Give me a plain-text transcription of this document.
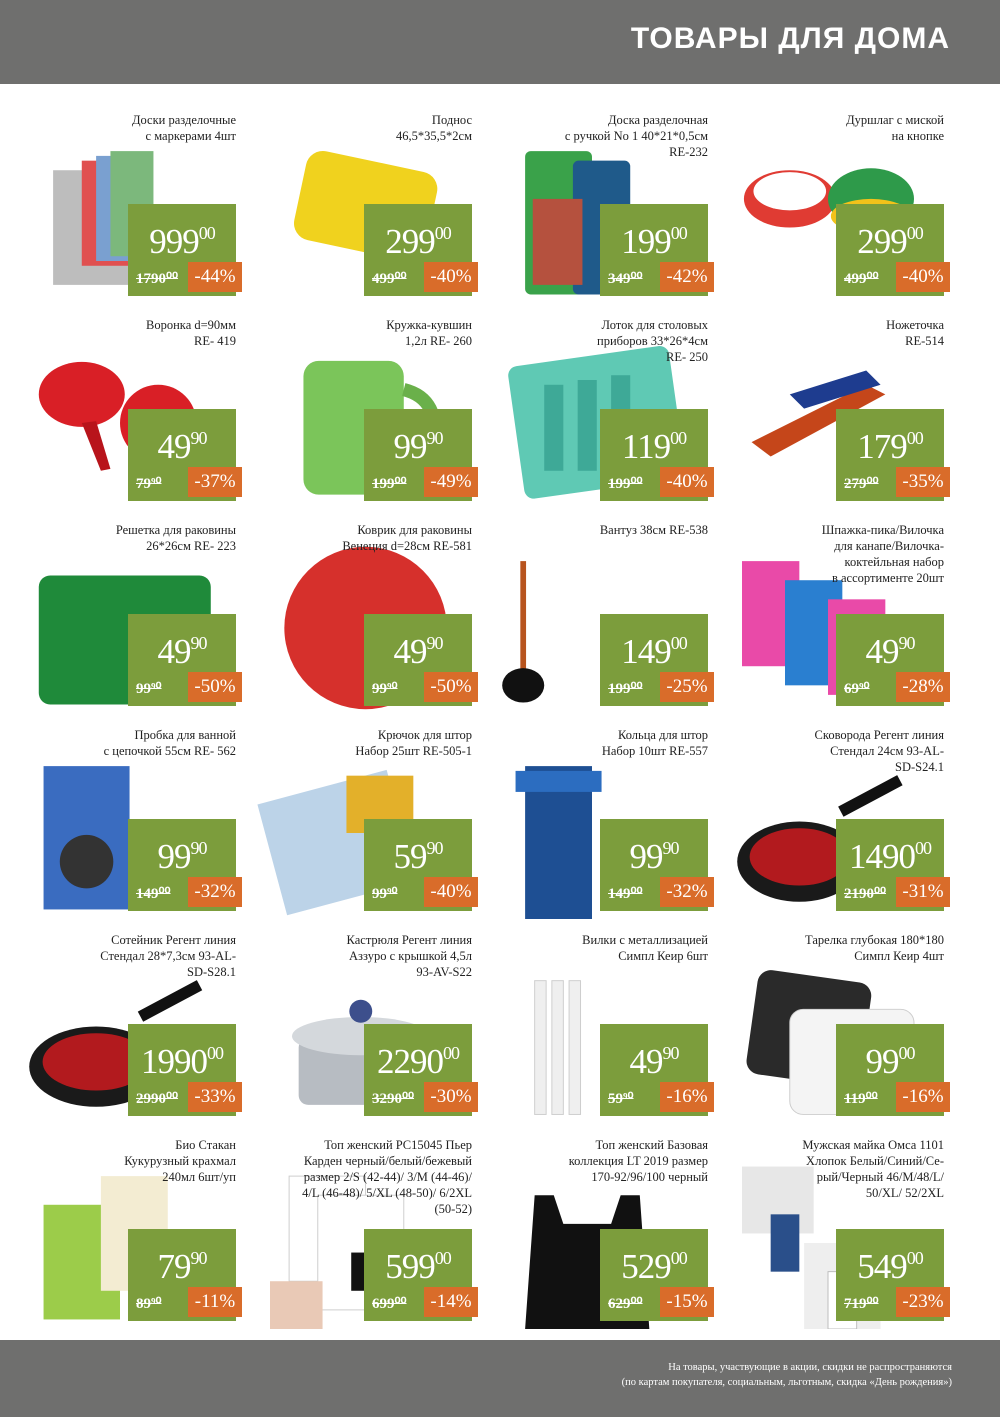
ТОВАРЫ ДЛЯ ДОМА
Доски разделочные
с маркерами 4шт
$999^{00}$
1790⁰⁰ -44%
Поднос
46,5*35,5*2см
$299^{00}$
499⁰⁰	-40%
Доска разделочная
с ручкой No 1 40*21*0,5см
RE-232
$199^{00}$
349⁰⁰	-42%
Дуршлаг с миской
на кнопке
$299^{00}$
499⁰⁰	-40%
Воронка d=90мм
RE- 419
$49^{90}$
79⁹⁰	-37%
Кружка-кувшин
1,2л RE- 260
$99^{90}$
199⁰⁰	-49%
Лоток для столовых
приборов 33*26*4см
RE- 250
$119^{00}$
199⁰⁰	-40%
Ножеточка
RE-514
$179^{00}$
279⁰⁰	-35%
Решетка для раковины
26*26см RE- 223
$49^{90}$
99⁹⁰	-50%
Коврик для раковины
Венеция d=28см RE-581
$49^{90}$
99⁹⁰	-50%
Вантуз 38см RE-538
$149^{00}$
199⁰⁰	-25%
Шпажка-пика/Вилочка
для канапе/Вилочка-
коктейльная набор
в ассортименте 20шт
$49^{90}$
69⁹⁰	-28%
Пробка для ванной
с цепочкой 55см RE- 562
$99^{90}$
149⁰⁰	-32%
Крючок для штор
Набор 25шт RE-505-1
$59^{90}$
99⁹⁰	-40%
Кольца для штор
Набор 10шт RE-557
$99^{90}$
149⁰⁰	-32%
Сковорода Регент линия
Стендал 24см 93-AL-
SD-S24.1
1490$^{00}$
2190⁰⁰ -31%
Сотейник Регент линия
Стендал 28*7,3см 93-AL-
SD-S28.1
1990$^{00}$
2990⁰⁰ -33%
Кастрюля Регент линия
Аззуро с крышкой 4,5л
93-AV-S22
2290$^{00}$
3290⁰⁰ -30%
Вилки с металлизацией
Симпл Кеир 6шт
$49^{90}$
59⁹⁰	-16%
Тарелка глубокая 180*180
Симпл Кеир 4шт
$99^{00}$
119⁰⁰	-16%
Био Стакан
Кукурузный крахмал
240мл 6шт/уп
$79^{90}$
89⁹⁰	-11%
Топ женский PC15045 Пьер
Карден черный/белый/бежевый
размер 2/S (42-44)/ 3/M (44-46)/
4/L (46-48)/ 5/XL (48-50)/ 6/2XL
(50-52)
$599^{00}$
699⁰⁰	-14%
Топ женский Базовая
коллекция LT 2019 размер
170-92/96/100 черный
$529^{00}$
629⁰⁰	-15%
Мужская майка Омса 1101
Хлопок Белый/Синий/Се-
рый/Черный 46/M/48/L/
50/XL/ 52/2XL
$549^{00}$
719⁰⁰	-23%
На товары, участвующие в акции, скидки не распространяются
(по картам покупателя, социальным, льготным, скидка «День рождения»)
